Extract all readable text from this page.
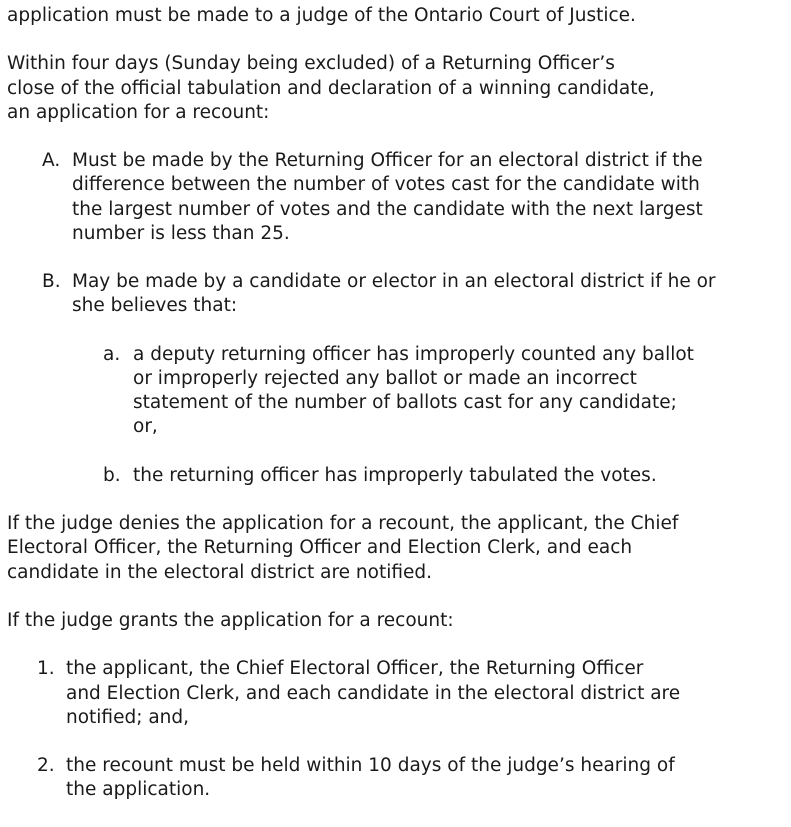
application must be made to a judge of the Ontario Court of Justice.

Within four days (Sunday being excluded) of a Returning Officer’s
close of the official tabulation and declaration of a winning candidate,
an application for a recount:

A. Must be made by the Returning Officer for an electoral district if the
difference between the number of votes cast for the candidate with
the largest number of votes and the candidate with the next largest
number is less than 25.
B. May be made by a candidate or elector in an electoral district if he or
she believes that:
a. a deputy returning officer has improperly counted any ballot
or improperly rejected any ballot or made an incorrect
statement of the number of ballots cast for any candidate;
or,
b. the returning officer has improperly tabulated the votes.

If the judge denies the application for a recount, the applicant, the Chief
Electoral Officer, the Returning Officer and Election Clerk, and each
candidate in the electoral district are notified.

If the judge grants the application for a recount:

1. the applicant, the Chief Electoral Officer, the Returning Officer
and Election Clerk, and each candidate in the electoral district are
notified; and,
2. the recount must be held within 10 days of the judge’s hearing of
the application.
